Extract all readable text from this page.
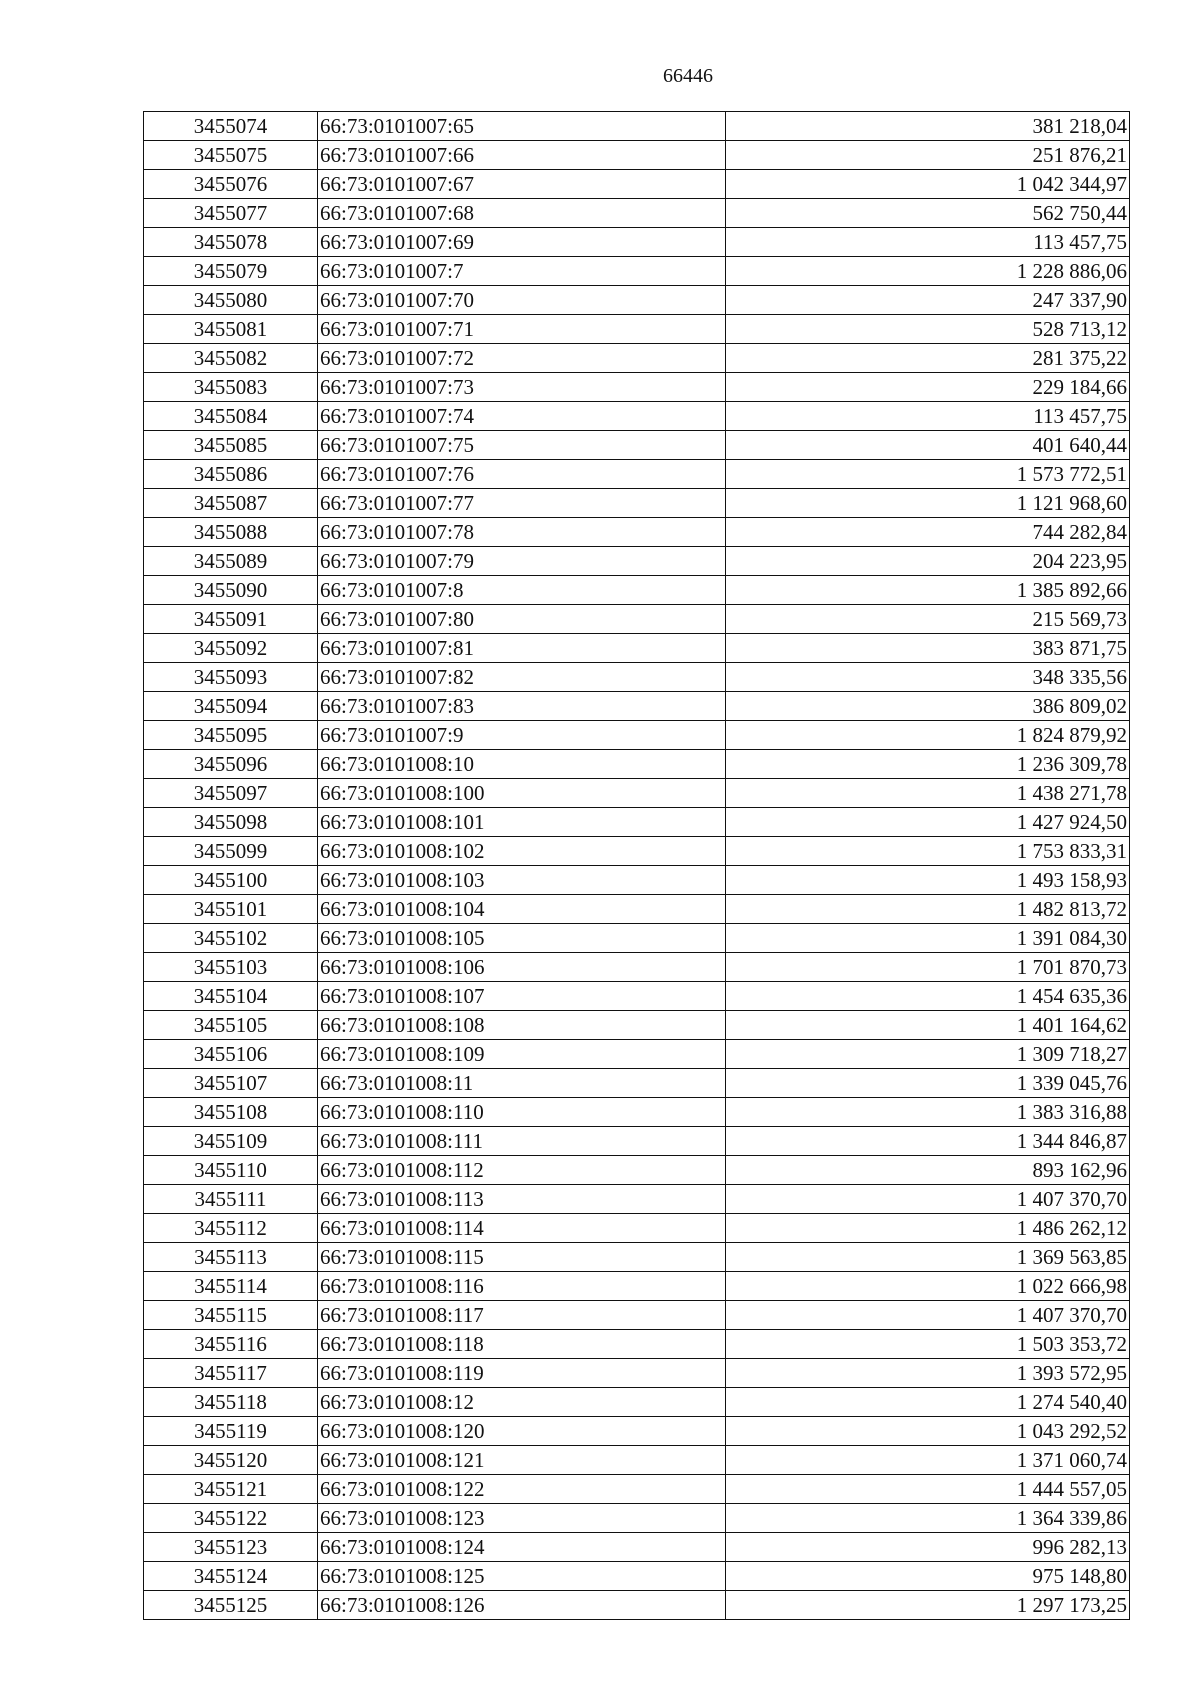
66446
3455074	66:73:0101007:65	381 218,04
3455075	66:73:0101007:66	251 876,21
3455076	66:73:0101007:67	1 042 344,97
3455077	66:73:0101007:68	562 750,44
3455078	66:73:0101007:69	113 457,75
3455079	66:73:0101007:7	1 228 886,06
3455080	66:73:0101007:70	247 337,90
3455081	66:73:0101007:71	528 713,12
3455082	66:73:0101007:72	281 375,22
3455083	66:73:0101007:73	229 184,66
3455084	66:73:0101007:74	113 457,75
3455085	66:73:0101007:75	401 640,44
3455086	66:73:0101007:76	1 573 772,51
3455087	66:73:0101007:77	1 121 968,60
3455088	66:73:0101007:78	744 282,84
3455089	66:73:0101007:79	204 223,95
3455090	66:73:0101007:8	1 385 892,66
3455091	66:73:0101007:80	215 569,73
3455092	66:73:0101007:81	383 871,75
3455093	66:73:0101007:82	348 335,56
3455094	66:73:0101007:83	386 809,02
3455095	66:73:0101007:9	1 824 879,92
3455096	66:73:0101008:10	1 236 309,78
3455097	66:73:0101008:100	1 438 271,78
3455098	66:73:0101008:101	1 427 924,50
3455099	66:73:0101008:102	1 753 833,31
3455100	66:73:0101008:103	1 493 158,93
3455101	66:73:0101008:104	1 482 813,72
3455102	66:73:0101008:105	1 391 084,30
3455103	66:73:0101008:106	1 701 870,73
3455104	66:73:0101008:107	1 454 635,36
3455105	66:73:0101008:108	1 401 164,62
3455106	66:73:0101008:109	1 309 718,27
3455107	66:73:0101008:11	1 339 045,76
3455108	66:73:0101008:110	1 383 316,88
3455109	66:73:0101008:111	1 344 846,87
3455110	66:73:0101008:112	893 162,96
3455111	66:73:0101008:113	1 407 370,70
3455112	66:73:0101008:114	1 486 262,12
3455113	66:73:0101008:115	1 369 563,85
3455114	66:73:0101008:116	1 022 666,98
3455115	66:73:0101008:117	1 407 370,70
3455116	66:73:0101008:118	1 503 353,72
3455117	66:73:0101008:119	1 393 572,95
3455118	66:73:0101008:12	1 274 540,40
3455119	66:73:0101008:120	1 043 292,52
3455120	66:73:0101008:121	1 371 060,74
3455121	66:73:0101008:122	1 444 557,05
3455122	66:73:0101008:123	1 364 339,86
3455123	66:73:0101008:124	996 282,13
3455124	66:73:0101008:125	975 148,80
3455125	66:73:0101008:126	1 297 173,25
